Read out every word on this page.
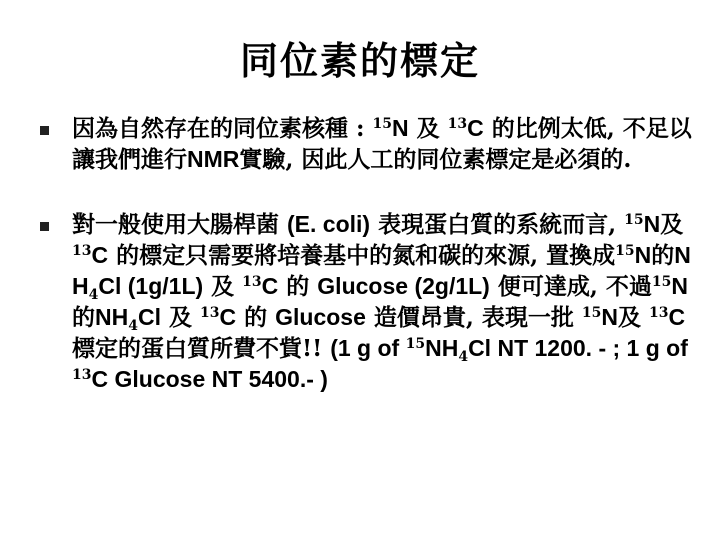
同位素的標定
因為自然存在的同位素核種 : $^{15}$N 及 $^{13}$C 的比例太低, 不足以讓我們進行NMR實驗, 因此人工的同位素標定是必須的.
對一般使用大腸桿菌 (E. coli) 表現蛋白質的系統而言, $^{15}$N及 $^{13}$C 的標定只需要將培養基中的氮和碳的來源, 置換成$^{15}$N的$NH_4Cl$ (1g/1L) 及 $^{13}$C 的 Glucose (2g/1L) 便可達成, 不過$^{15}$N的$NH_4Cl$ 及 $^{13}$C 的 Glucose 造價昂貴, 表現一批 $^{15}$N及 $^{13}$C 標定的蛋白質所費不貲!! (1 g of $^{15}NH_4Cl$ NT 1200. - ; 1 g of $^{13}$C Glucose NT 5400.- )
